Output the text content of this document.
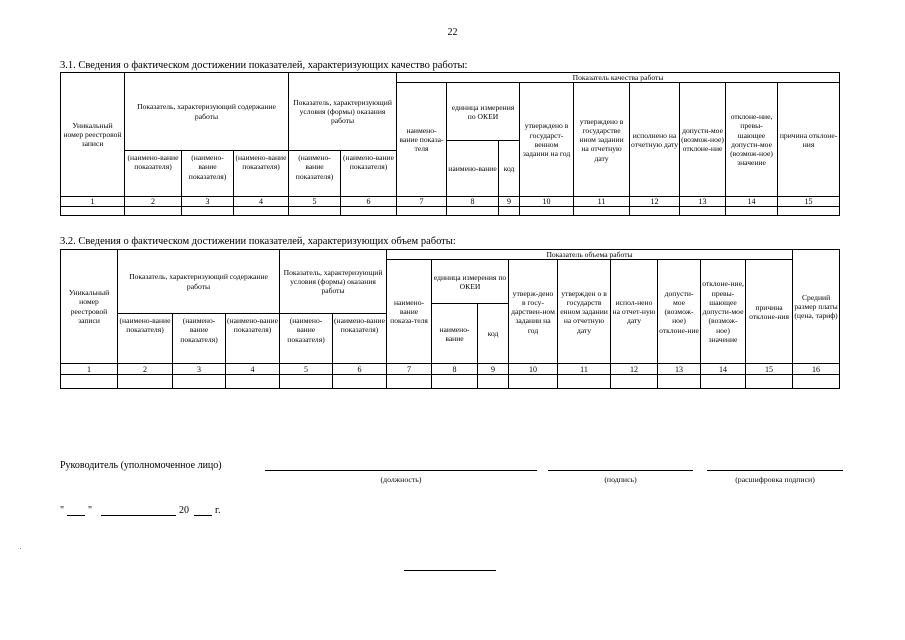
22
3.1. Сведения о фактическом достижении показателей, характеризующих качество работы:
Уникальный номер реестровой записи	Показатель, характеризующий содержание работы			Показатель, характеризующий условия (формы) оказания работы		Показатель качества работы								
						наимено-вание показа-теля	единица измерения по ОКЕИ		утверждено в государст-венном задании на год	утверждено в государстве нном задании на отчетную дату	исполнено на отчетную дату	допусти-мое (возмож-ное) отклоне-ние	отклоне-ние, превы-шающее допусти-мое (возмож-ное) значение	причина отклоне-ния
							наимено-вание	код						
	(наимено-вание показателя)	(наимено-вание показателя)	(наимено-вание показателя)	(наимено-вание показателя)	(наимено-вание показателя)									
1	2	3	4	5	6	7	8	9	10	11	12	13	14	15

3.2. Сведения о фактическом достижении показателей, характеризующих объем работы:
Уникальный номер реестровой записи	Показатель, характеризующий содержание работы			Показатель, характеризующий условия (формы) оказания работы		Показатель объема работы									Средний размер платы (цена, тариф)
						наимено-вание показа-теля	единица измерения по ОКЕИ		утверж-дено в госу-дарствен-ном задании на год	утвержден о в государств енном задании на отчетную дату	испол-нено на отчет-ную дату	допусти-мое (возмож-ное) отклоне-ние	отклоне-ние, превы-шающее допусти-мое (возмож-ное) значение	причина отклоне-ния	
							наимено-вание	код							
	(наимено-вание показателя)	(наимено-вание показателя)	(наимено-вание показателя)	(наимено-вание показателя)	(наимено-вание показателя)										
1	2	3	4	5	6	7	8	9	10	11	12	13	14	15	16

Руководитель (уполномоченное лицо)
(должность)	(подпись)	(расшифровка подписи)
" "	20	г.
